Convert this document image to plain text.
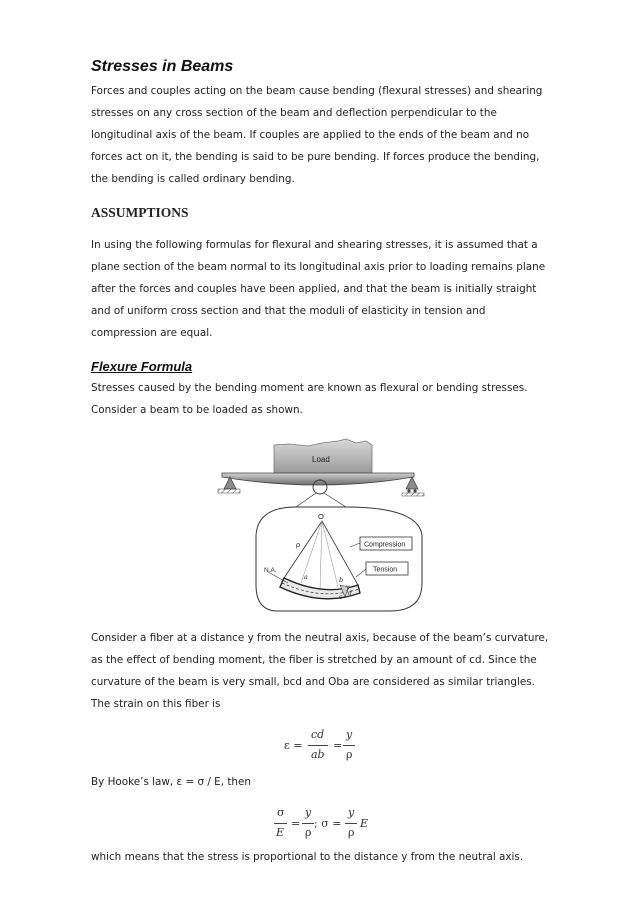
Stresses in Beams

Forces and couples acting on the beam cause bending (flexural stresses) and shearing
stresses on any cross section of the beam and deflection perpendicular to the
longitudinal axis of the beam. If couples are applied to the ends of the beam and no
forces act on it, the bending is said to be pure bending. If forces produce the bending,
the bending is called ordinary bending.

ASSUMPTIONS

In using the following formulas for flexural and shearing stresses, it is assumed that a
plane section of the beam normal to its longitudinal axis prior to loading remains plane
after the forces and couples have been applied, and that the beam is initially straight
and of uniform cross section and that the moduli of elasticity in tension and
compression are equal.

Flexure Formula

Stresses caused by the bending moment are known as flexural or bending stresses.
Consider a beam to be loaded as shown.

Load
O
ρ
N.A.
a	b
c
d
y
Compression
Tension

Consider a fiber at a distance y from the neutral axis, because of the beam’s curvature,
as the effect of bending moment, the fiber is stretched by an amount of cd. Since the
curvature of the beam is very small, bcd and Oba are considered as similar triangles.
The strain on this fiber is

ε =
cd
ab
=
y
ρ

By Hooke’s law, ε = σ / E, then

σ
E
=
y
ρ
; σ =
y
ρ
E

which means that the stress is proportional to the distance y from the neutral axis.
